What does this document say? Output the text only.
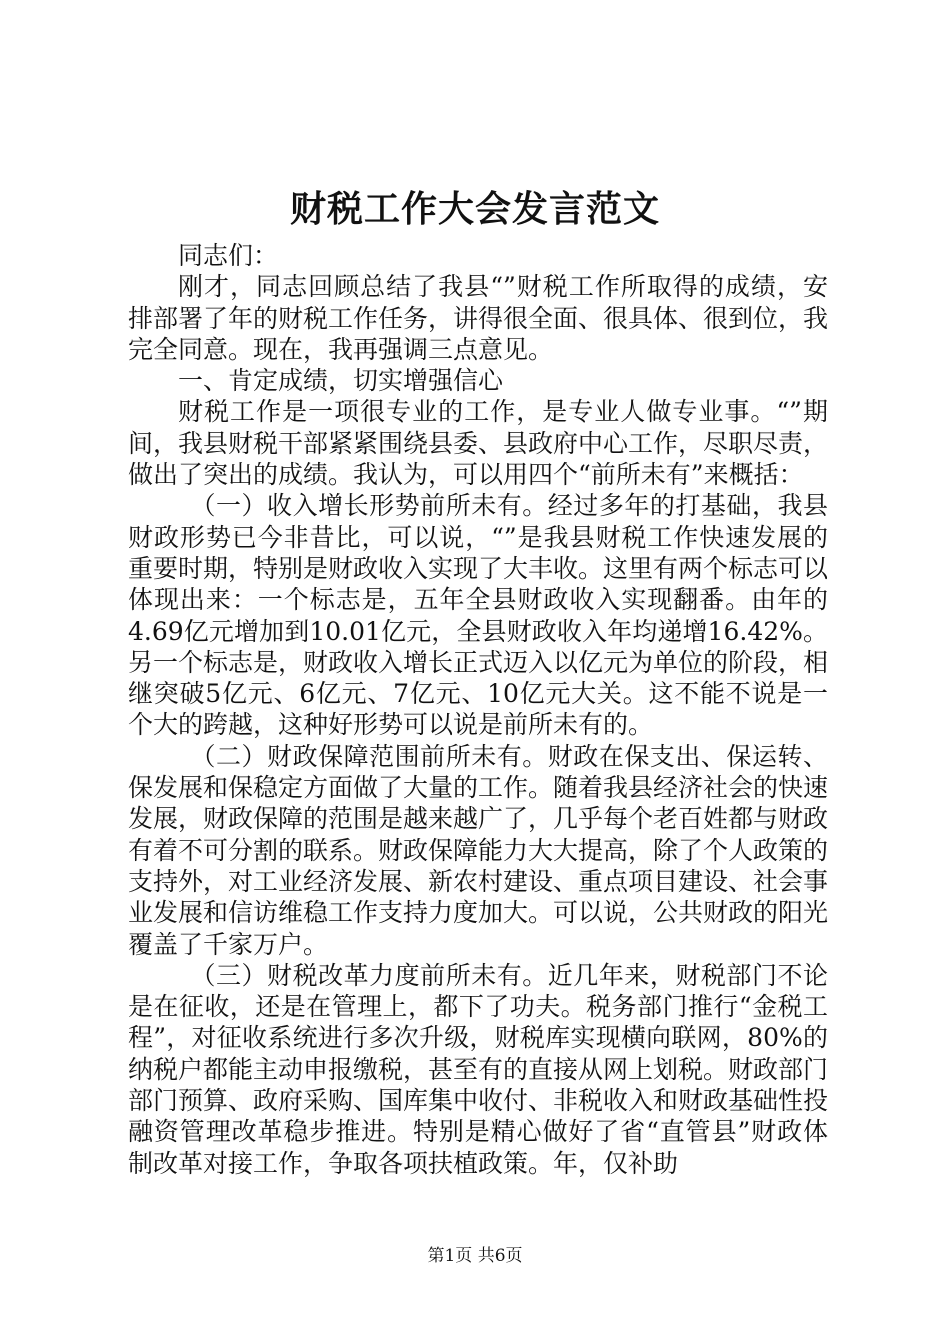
财税工作大会发言范文

同志们：

刚才，同志回顾总结了我县“”财税工作所取得的成绩，安排部署了年的财税工作任务，讲得很全面、很具体、很到位，我完全同意。现在，我再强调三点意见。

一、肯定成绩，切实增强信心

财税工作是一项很专业的工作，是专业人做专业事。“”期间，我县财税干部紧紧围绕县委、县政府中心工作，尽职尽责，做出了突出的成绩。我认为，可以用四个“前所未有”来概括：

（一）收入增长形势前所未有。经过多年的打基础，我县财政形势已今非昔比，可以说，“”是我县财税工作快速发展的重要时期，特别是财政收入实现了大丰收。这里有两个标志可以体现出来：一个标志是，五年全县财政收入实现翻番。由年的4.69亿元增加到10.01亿元，全县财政收入年均递增16.42%。另一个标志是，财政收入增长正式迈入以亿元为单位的阶段，相继突破5亿元、6亿元、7亿元、10亿元大关。这不能不说是一个大的跨越，这种好形势可以说是前所未有的。

（二）财政保障范围前所未有。财政在保支出、保运转、保发展和保稳定方面做了大量的工作。随着我县经济社会的快速发展，财政保障的范围是越来越广了，几乎每个老百姓都与财政有着不可分割的联系。财政保障能力大大提高，除了个人政策的支持外，对工业经济发展、新农村建设、重点项目建设、社会事业发展和信访维稳工作支持力度加大。可以说，公共财政的阳光覆盖了千家万户。

（三）财税改革力度前所未有。近几年来，财税部门不论是在征收，还是在管理上，都下了功夫。税务部门推行“金税工程”，对征收系统进行多次升级，财税库实现横向联网，80%的纳税户都能主动申报缴税，甚至有的直接从网上划税。财政部门部门预算、政府采购、国库集中收付、非税收入和财政基础性投融资管理改革稳步推进。特别是精心做好了省“直管县”财政体制改革对接工作，争取各项扶植政策。年，仅补助

第1页 共6页
